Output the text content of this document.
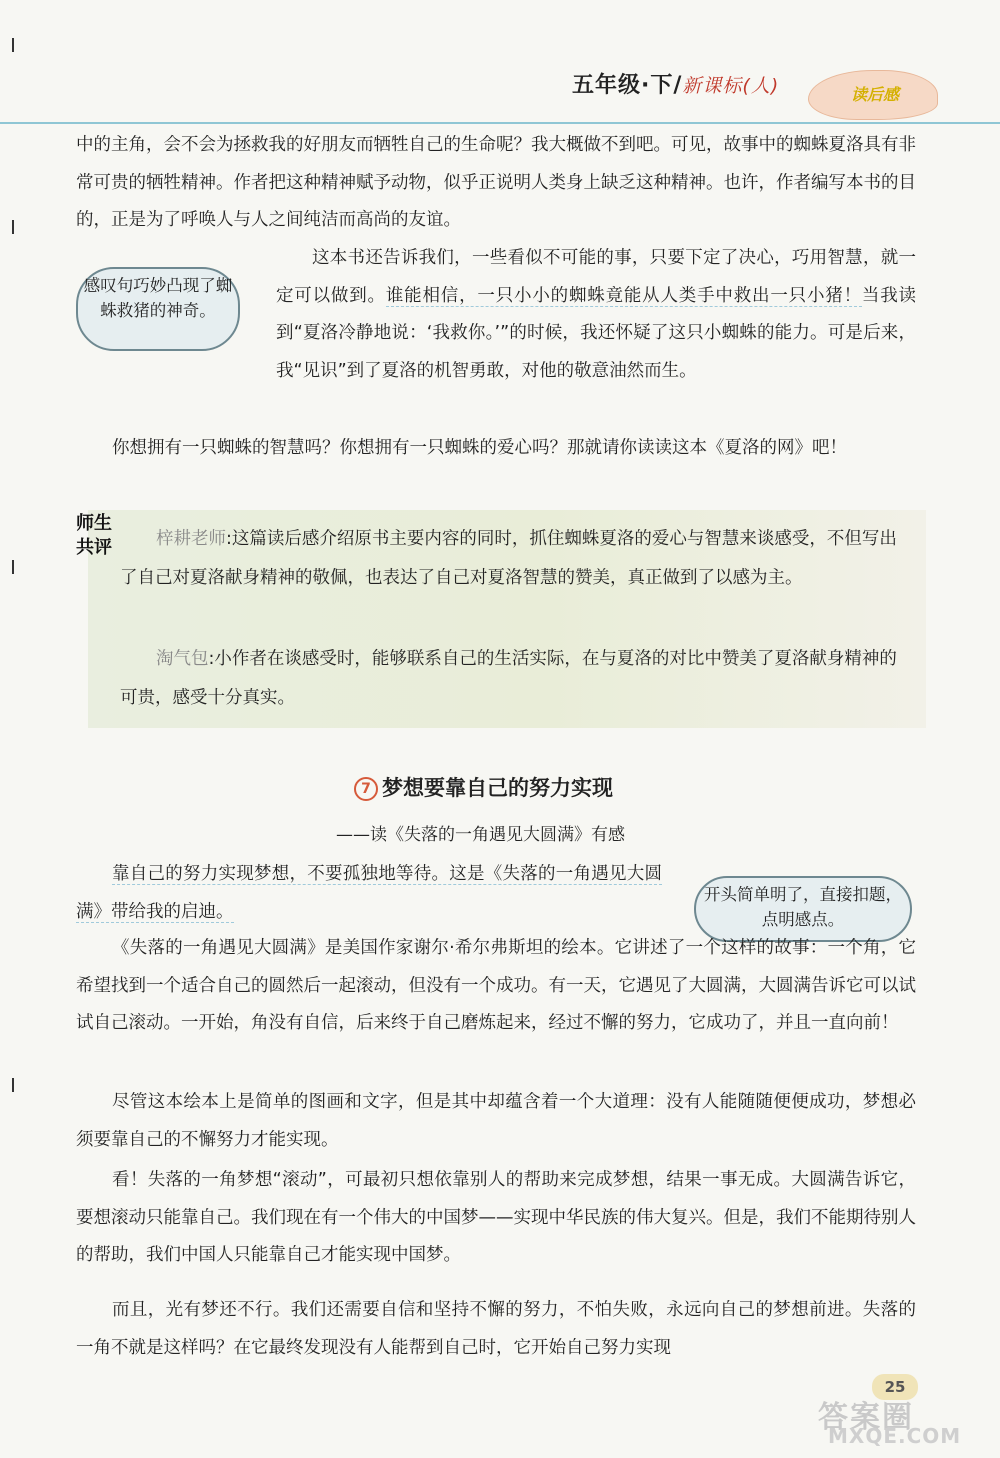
五年级·下/新课标(人)	读后感

中的主角，会不会为拯救我的好朋友而牺牲自己的生命呢？我大概做不到吧。可见，故事中的蜘蛛夏洛具有非常可贵的牺牲精神。作者把这种精神赋予动物，似乎正说明人类身上缺乏这种精神。也许，作者编写本书的目的，正是为了呼唤人与人之间纯洁而高尚的友谊。

感叹句巧妙凸现了蜘蛛救猪的神奇。

这本书还告诉我们，一些看似不可能的事，只要下定了决心，巧用智慧，就一定可以做到。谁能相信，一只小小的蜘蛛竟能从人类手中救出一只小猪！当我读到“夏洛冷静地说：‘我救你。’”的时候，我还怀疑了这只小蜘蛛的能力。可是后来，我“见识”到了夏洛的机智勇敢，对他的敬意油然而生。

你想拥有一只蜘蛛的智慧吗？你想拥有一只蜘蛛的爱心吗？那就请你读读这本《夏洛的网》吧！

师生共评	梓耕老师:这篇读后感介绍原书主要内容的同时，抓住蜘蛛夏洛的爱心与智慧来谈感受，不但写出了自己对夏洛献身精神的敬佩，也表达了自己对夏洛智慧的赞美，真正做到了以感为主。

淘气包:小作者在谈感受时，能够联系自己的生活实际，在与夏洛的对比中赞美了夏洛献身精神的可贵，感受十分真实。

7 梦想要靠自己的努力实现
——读《失落的一角遇见大圆满》有感

靠自己的努力实现梦想，不要孤独地等待。这是《失落的一角遇见大圆满》带给我的启迪。

开头简单明了，直接扣题，点明感点。

《失落的一角遇见大圆满》是美国作家谢尔·希尔弗斯坦的绘本。它讲述了一个这样的故事：一个角，它希望找到一个适合自己的圆然后一起滚动，但没有一个成功。有一天，它遇见了大圆满，大圆满告诉它可以试试自己滚动。一开始，角没有自信，后来终于自己磨炼起来，经过不懈的努力，它成功了，并且一直向前！

尽管这本绘本上是简单的图画和文字，但是其中却蕴含着一个大道理：没有人能随随便便成功，梦想必须要靠自己的不懈努力才能实现。

看！失落的一角梦想“滚动”，可最初只想依靠别人的帮助来完成梦想，结果一事无成。大圆满告诉它，要想滚动只能靠自己。我们现在有一个伟大的中国梦——实现中华民族的伟大复兴。但是，我们不能期待别人的帮助，我们中国人只能靠自己才能实现中国梦。

而且，光有梦还不行。我们还需要自信和坚持不懈的努力，不怕失败，永远向自己的梦想前进。失落的一角不就是这样吗？在它最终发现没有人能帮到自己时，它开始自己努力实现

25
答案圈
MXQE.COM
